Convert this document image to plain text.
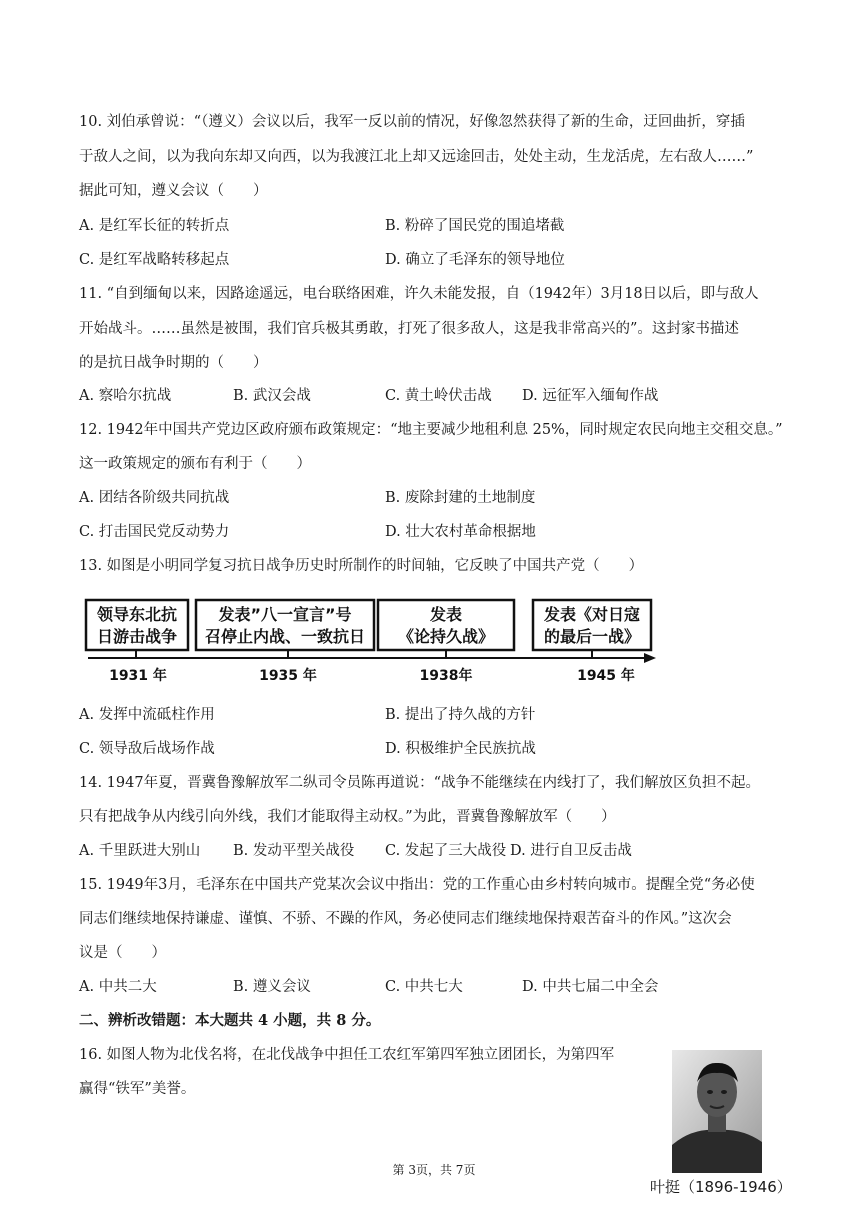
10. 刘伯承曾说：“（遵义）会议以后，我军一反以前的情况，好像忽然获得了新的生命，迂回曲折，穿插
于敌人之间，以为我向东却又向西，以为我渡江北上却又远途回击，处处主动，生龙活虎，左右敌人……”
据此可知，遵义会议（　　）
A. 是红军长征的转折点	B. 粉碎了国民党的围追堵截
C. 是红军战略转移起点	D. 确立了毛泽东的领导地位
11. “自到缅甸以来，因路途遥远，电台联络困难，许久未能发报，自（1942年）3月18日以后，即与敌人
开始战斗。……虽然是被围，我们官兵极其勇敢，打死了很多敌人，这是我非常高兴的”。这封家书描述
的是抗日战争时期的（　　）
A. 察哈尔抗战	B. 武汉会战	C. 黄土岭伏击战 D. 远征军入缅甸作战
12. 1942年中国共产党边区政府颁布政策规定：“地主要减少地租利息 25%，同时规定农民向地主交租交息。”
这一政策规定的颁布有利于（　　）
A. 团结各阶级共同抗战	B. 废除封建的土地制度
C. 打击国民党反动势力	D. 壮大农村革命根据地
13. 如图是小明同学复习抗日战争历史时所制作的时间轴，它反映了中国共产党（　　）
领导东北抗
日游击战争
发表”八一宣言”号
召停止内战、一致抗日
发表
《论持久战》
发表《对日寇
的最后一战》
1931 年	1935 年	1938年	1945 年
A. 发挥中流砥柱作用	B. 提出了持久战的方针
C. 领导敌后战场作战	D. 积极维护全民族抗战
14. 1947年夏，晋冀鲁豫解放军二纵司令员陈再道说：“战争不能继续在内线打了，我们解放区负担不起。
只有把战争从内线引向外线，我们才能取得主动权。”为此，晋冀鲁豫解放军（　　）
A. 千里跃进大别山 B. 发动平型关战役 C. 发起了三大战役 D. 进行自卫反击战
15. 1949年3月，毛泽东在中国共产党某次会议中指出：党的工作重心由乡村转向城市。提醒全党“务必使
同志们继续地保持谦虚、谨慎、不骄、不躁的作风，务必使同志们继续地保持艰苦奋斗的作风。”这次会
议是（　　）
A. 中共二大	B. 遵义会议	C. 中共七大	D. 中共七届二中全会
二、辨析改错题：本大题共 4 小题，共 8 分。
16. 如图人物为北伐名将，在北伐战争中担任工农红军第四军独立团团长，为第四军
赢得“铁军”美誉。
叶挺（1896-1946）
第 3页，共 7页
